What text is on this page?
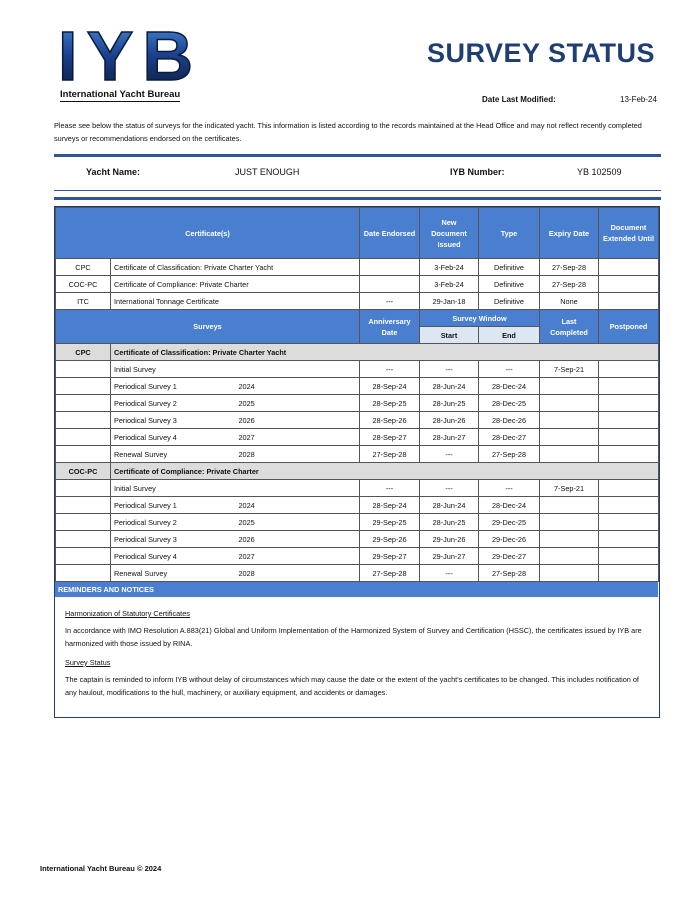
IYB
International Yacht Bureau
SURVEY STATUS
Date Last Modified:	13-Feb-24
Please see below the status of surveys for the indicated yacht. This information is listed according to the records maintained at the Head Office and may not reflect recently completed surveys or recommendations endorsed on the certificates.
Yacht Name:	JUST ENOUGH	IYB Number:	YB 102509
Certificate(s)			Date Endorsed	New Document Issued	Type	Expiry Date	Document Extended Until
CPC	Certificate of Classification: Private Charter Yacht			3-Feb-24	Definitive	27-Sep-28	
COC-PC	Certificate of Compliance: Private Charter			3-Feb-24	Definitive	27-Sep-28	
ITC	International Tonnage Certificate		---	29-Jan-18	Definitive	None	
Surveys			Anniversary Date	Survey Window		Last Completed	Postponed
				Start	End		
CPC	Certificate of Classification: Private Charter Yacht						
	Initial Survey		---	---	---	7-Sep-21	
	Periodical Survey 1	2024	28-Sep-24	28-Jun-24	28-Dec-24		
	Periodical Survey 2	2025	28-Sep-25	28-Jun-25	28-Dec-25		
	Periodical Survey 3	2026	28-Sep-26	28-Jun-26	28-Dec-26		
	Periodical Survey 4	2027	28-Sep-27	28-Jun-27	28-Dec-27		
	Renewal Survey	2028	27-Sep-28	---	27-Sep-28		
COC-PC	Certificate of Compliance: Private Charter						
	Initial Survey		---	---	---	7-Sep-21	
	Periodical Survey 1	2024	28-Sep-24	28-Jun-24	28-Dec-24		
	Periodical Survey 2	2025	29-Sep-25	28-Jun-25	29-Dec-25		
	Periodical Survey 3	2026	29-Sep-26	29-Jun-26	29-Dec-26		
	Periodical Survey 4	2027	29-Sep-27	29-Jun-27	29-Dec-27		
	Renewal Survey	2028	27-Sep-28	---	27-Sep-28		
REMINDERS AND NOTICES
Harmonization of Statutory Certificates

In accordance with IMO Resolution A.883(21) Global and Uniform Implementation of the Harmonized System of Survey and Certification (HSSC), the certificates issued by IYB are harmonized with those issued by RINA.

Survey Status

The captain is reminded to inform IYB without delay of circumstances which may cause the date or the extent of the yacht's certificates to be changed. This includes notification of any haulout, modifications to the hull, machinery, or auxiliary equipment, and accidents or damages.

International Yacht Bureau © 2024
